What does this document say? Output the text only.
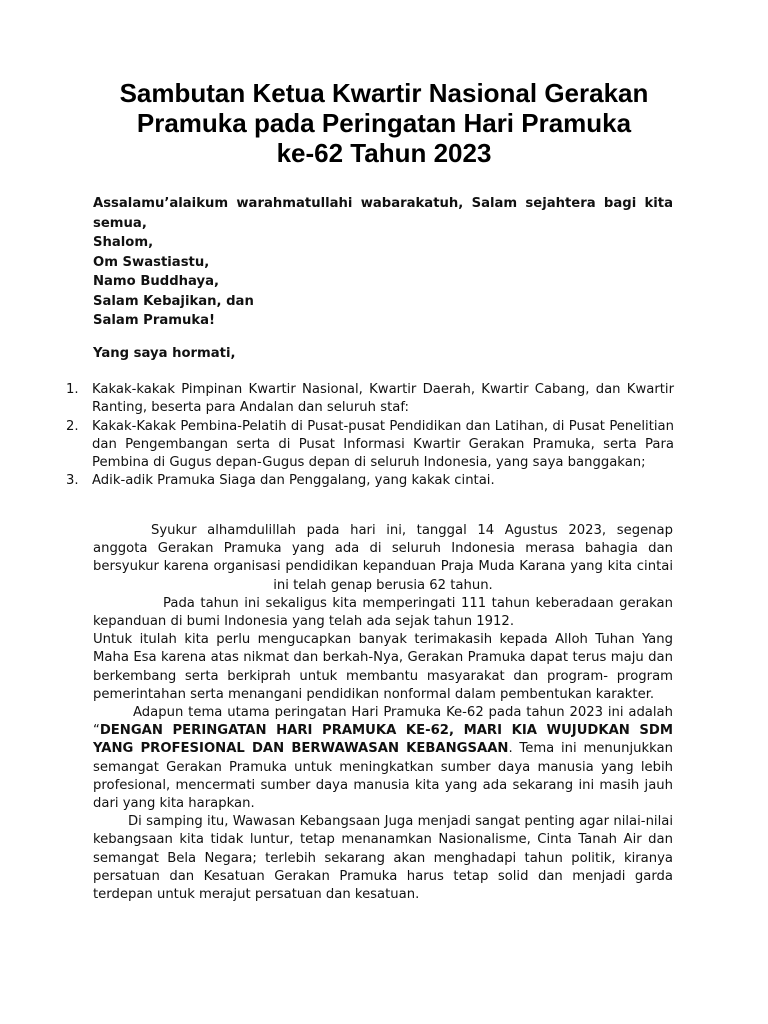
Sambutan Ketua Kwartir Nasional Gerakan
Pramuka pada Peringatan Hari Pramuka
ke-62 Tahun 2023
Assalamu’alaikum warahmatullahi wabarakatuh, Salam sejahtera bagi kita semua,
Shalom,
Om Swastiastu,
Namo Buddhaya,
Salam Kebajikan, dan
Salam Pramuka!
Yang saya hormati,
1. Kakak-kakak Pimpinan Kwartir Nasional, Kwartir Daerah, Kwartir Cabang, dan Kwartir Ranting, beserta para Andalan dan seluruh staf:
2. Kakak-Kakak Pembina-Pelatih di Pusat-pusat Pendidikan dan Latihan, di Pusat Penelitian dan Pengembangan serta di Pusat Informasi Kwartir Gerakan Pramuka, serta Para Pembina di Gugus depan-Gugus depan di seluruh Indonesia, yang saya banggakan;
3. Adik-adik Pramuka Siaga dan Penggalang, yang kakak cintai.

Syukur alhamdulillah pada hari ini, tanggal 14 Agustus 2023, segenap anggota Gerakan Pramuka yang ada di seluruh Indonesia merasa bahagia dan bersyukur karena organisasi pendidikan kepanduan Praja Muda Karana yang kita cintai ini telah genap berusia 62 tahun.

Pada tahun ini sekaligus kita memperingati 111 tahun keberadaan gerakan kepanduan di bumi Indonesia yang telah ada sejak tahun 1912.

Untuk itulah kita perlu mengucapkan banyak terimakasih kepada Alloh Tuhan Yang Maha Esa karena atas nikmat dan berkah-Nya, Gerakan Pramuka dapat terus maju dan berkembang serta berkiprah untuk membantu masyarakat dan program- program pemerintahan serta menangani pendidikan nonformal dalam pembentukan karakter.

Adapun tema utama peringatan Hari Pramuka Ke-62 pada tahun 2023 ini adalah “DENGAN PERINGATAN HARI PRAMUKA KE-62, MARI KIA WUJUDKAN SDM YANG PROFESIONAL DAN BERWAWASAN KEBANGSAAN. Tema ini menunjukkan semangat Gerakan Pramuka untuk meningkatkan sumber daya manusia yang lebih profesional, mencermati sumber daya manusia kita yang ada sekarang ini masih jauh dari yang kita harapkan.

Di samping itu, Wawasan Kebangsaan Juga menjadi sangat penting agar nilai-nilai kebangsaan kita tidak luntur, tetap menanamkan Nasionalisme, Cinta Tanah Air dan semangat Bela Negara; terlebih sekarang akan menghadapi tahun politik, kiranya persatuan dan Kesatuan Gerakan Pramuka harus tetap solid dan menjadi garda terdepan untuk merajut persatuan dan kesatuan.
